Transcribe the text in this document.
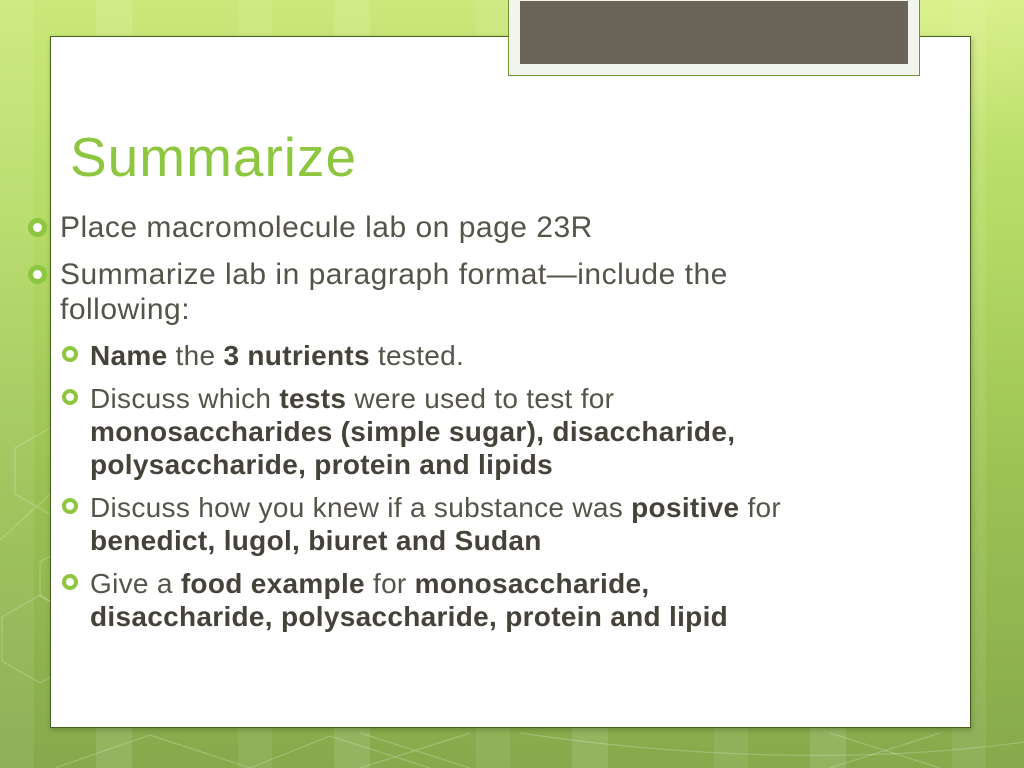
Summarize

Place macromolecule lab on page 23R

Summarize lab in paragraph format—include the following:

Name the 3 nutrients tested.

Discuss which tests were used to test for monosaccharides (simple sugar), disaccharide, polysaccharide, protein and lipids

Discuss how you knew if a substance was positive for benedict, lugol, biuret and Sudan

Give a food example for monosaccharide, disaccharide, polysaccharide, protein and lipid
